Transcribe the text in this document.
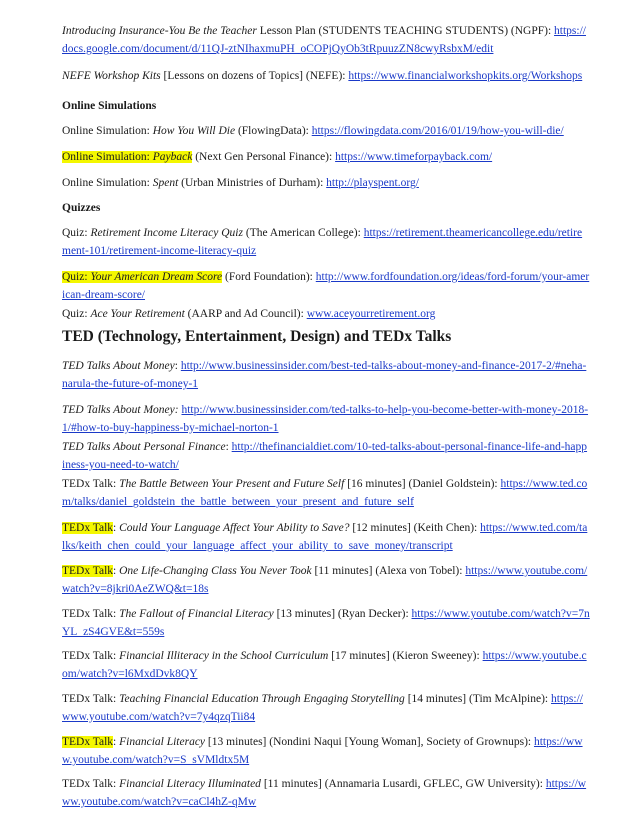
Introducing Insurance-You Be the Teacher Lesson Plan (STUDENTS TEACHING STUDENTS) (NGPF): https://docs.google.com/document/d/11QJ-ztNIhaxmuPH_oCOPjQyOb3tRpuuzZN8cwyRsbxM/edit
NEFE Workshop Kits [Lessons on dozens of Topics] (NEFE): https://www.financialworkshopkits.org/Workshops
Online Simulations
Online Simulation: How You Will Die (FlowingData): https://flowingdata.com/2016/01/19/how-you-will-die/
Online Simulation: Payback (Next Gen Personal Finance): https://www.timeforpayback.com/
Online Simulation: Spent (Urban Ministries of Durham): http://playspent.org/
Quizzes
Quiz: Retirement Income Literacy Quiz (The American College): https://retirement.theamericancollege.edu/retirement-101/retirement-income-literacy-quiz
Quiz: Your American Dream Score (Ford Foundation): http://www.fordfoundation.org/ideas/ford-forum/your-american-dream-score/
Quiz: Ace Your Retirement (AARP and Ad Council): www.aceyourretirement.org
TED (Technology, Entertainment, Design) and TEDx Talks
TED Talks About Money: http://www.businessinsider.com/best-ted-talks-about-money-and-finance-2017-2/#neha-narula-the-future-of-money-1
TED Talks About Money: http://www.businessinsider.com/ted-talks-to-help-you-become-better-with-money-2018-1/#how-to-buy-happiness-by-michael-norton-1
TED Talks About Personal Finance: http://thefinancialdiet.com/10-ted-talks-about-personal-finance-life-and-happiness-you-need-to-watch/
TEDx Talk: The Battle Between Your Present and Future Self [16 minutes] (Daniel Goldstein): https://www.ted.com/talks/daniel_goldstein_the_battle_between_your_present_and_future_self
TEDx Talk: Could Your Language Affect Your Ability to Save? [12 minutes] (Keith Chen): https://www.ted.com/talks/keith_chen_could_your_language_affect_your_ability_to_save_money/transcript
TEDx Talk: One Life-Changing Class You Never Took [11 minutes] (Alexa von Tobel): https://www.youtube.com/watch?v=8jkri0AeZWQ&t=18s
TEDx Talk: The Fallout of Financial Literacy [13 minutes] (Ryan Decker): https://www.youtube.com/watch?v=7nYL_zS4GVE&t=559s
TEDx Talk: Financial Illiteracy in the School Curriculum [17 minutes] (Kieron Sweeney): https://www.youtube.com/watch?v=l6MxdDvk8QY
TEDx Talk: Teaching Financial Education Through Engaging Storytelling [14 minutes] (Tim McAlpine): https://www.youtube.com/watch?v=7y4qzqTii84
TEDx Talk: Financial Literacy [13 minutes] (Nondini Naqui [Young Woman], Society of Grownups): https://www.youtube.com/watch?v=S_sVMldtx5M
TEDx Talk: Financial Literacy Illuminated [11 minutes] (Annamaria Lusardi, GFLEC, GW University): https://www.youtube.com/watch?v=caCl4hZ-qMw
